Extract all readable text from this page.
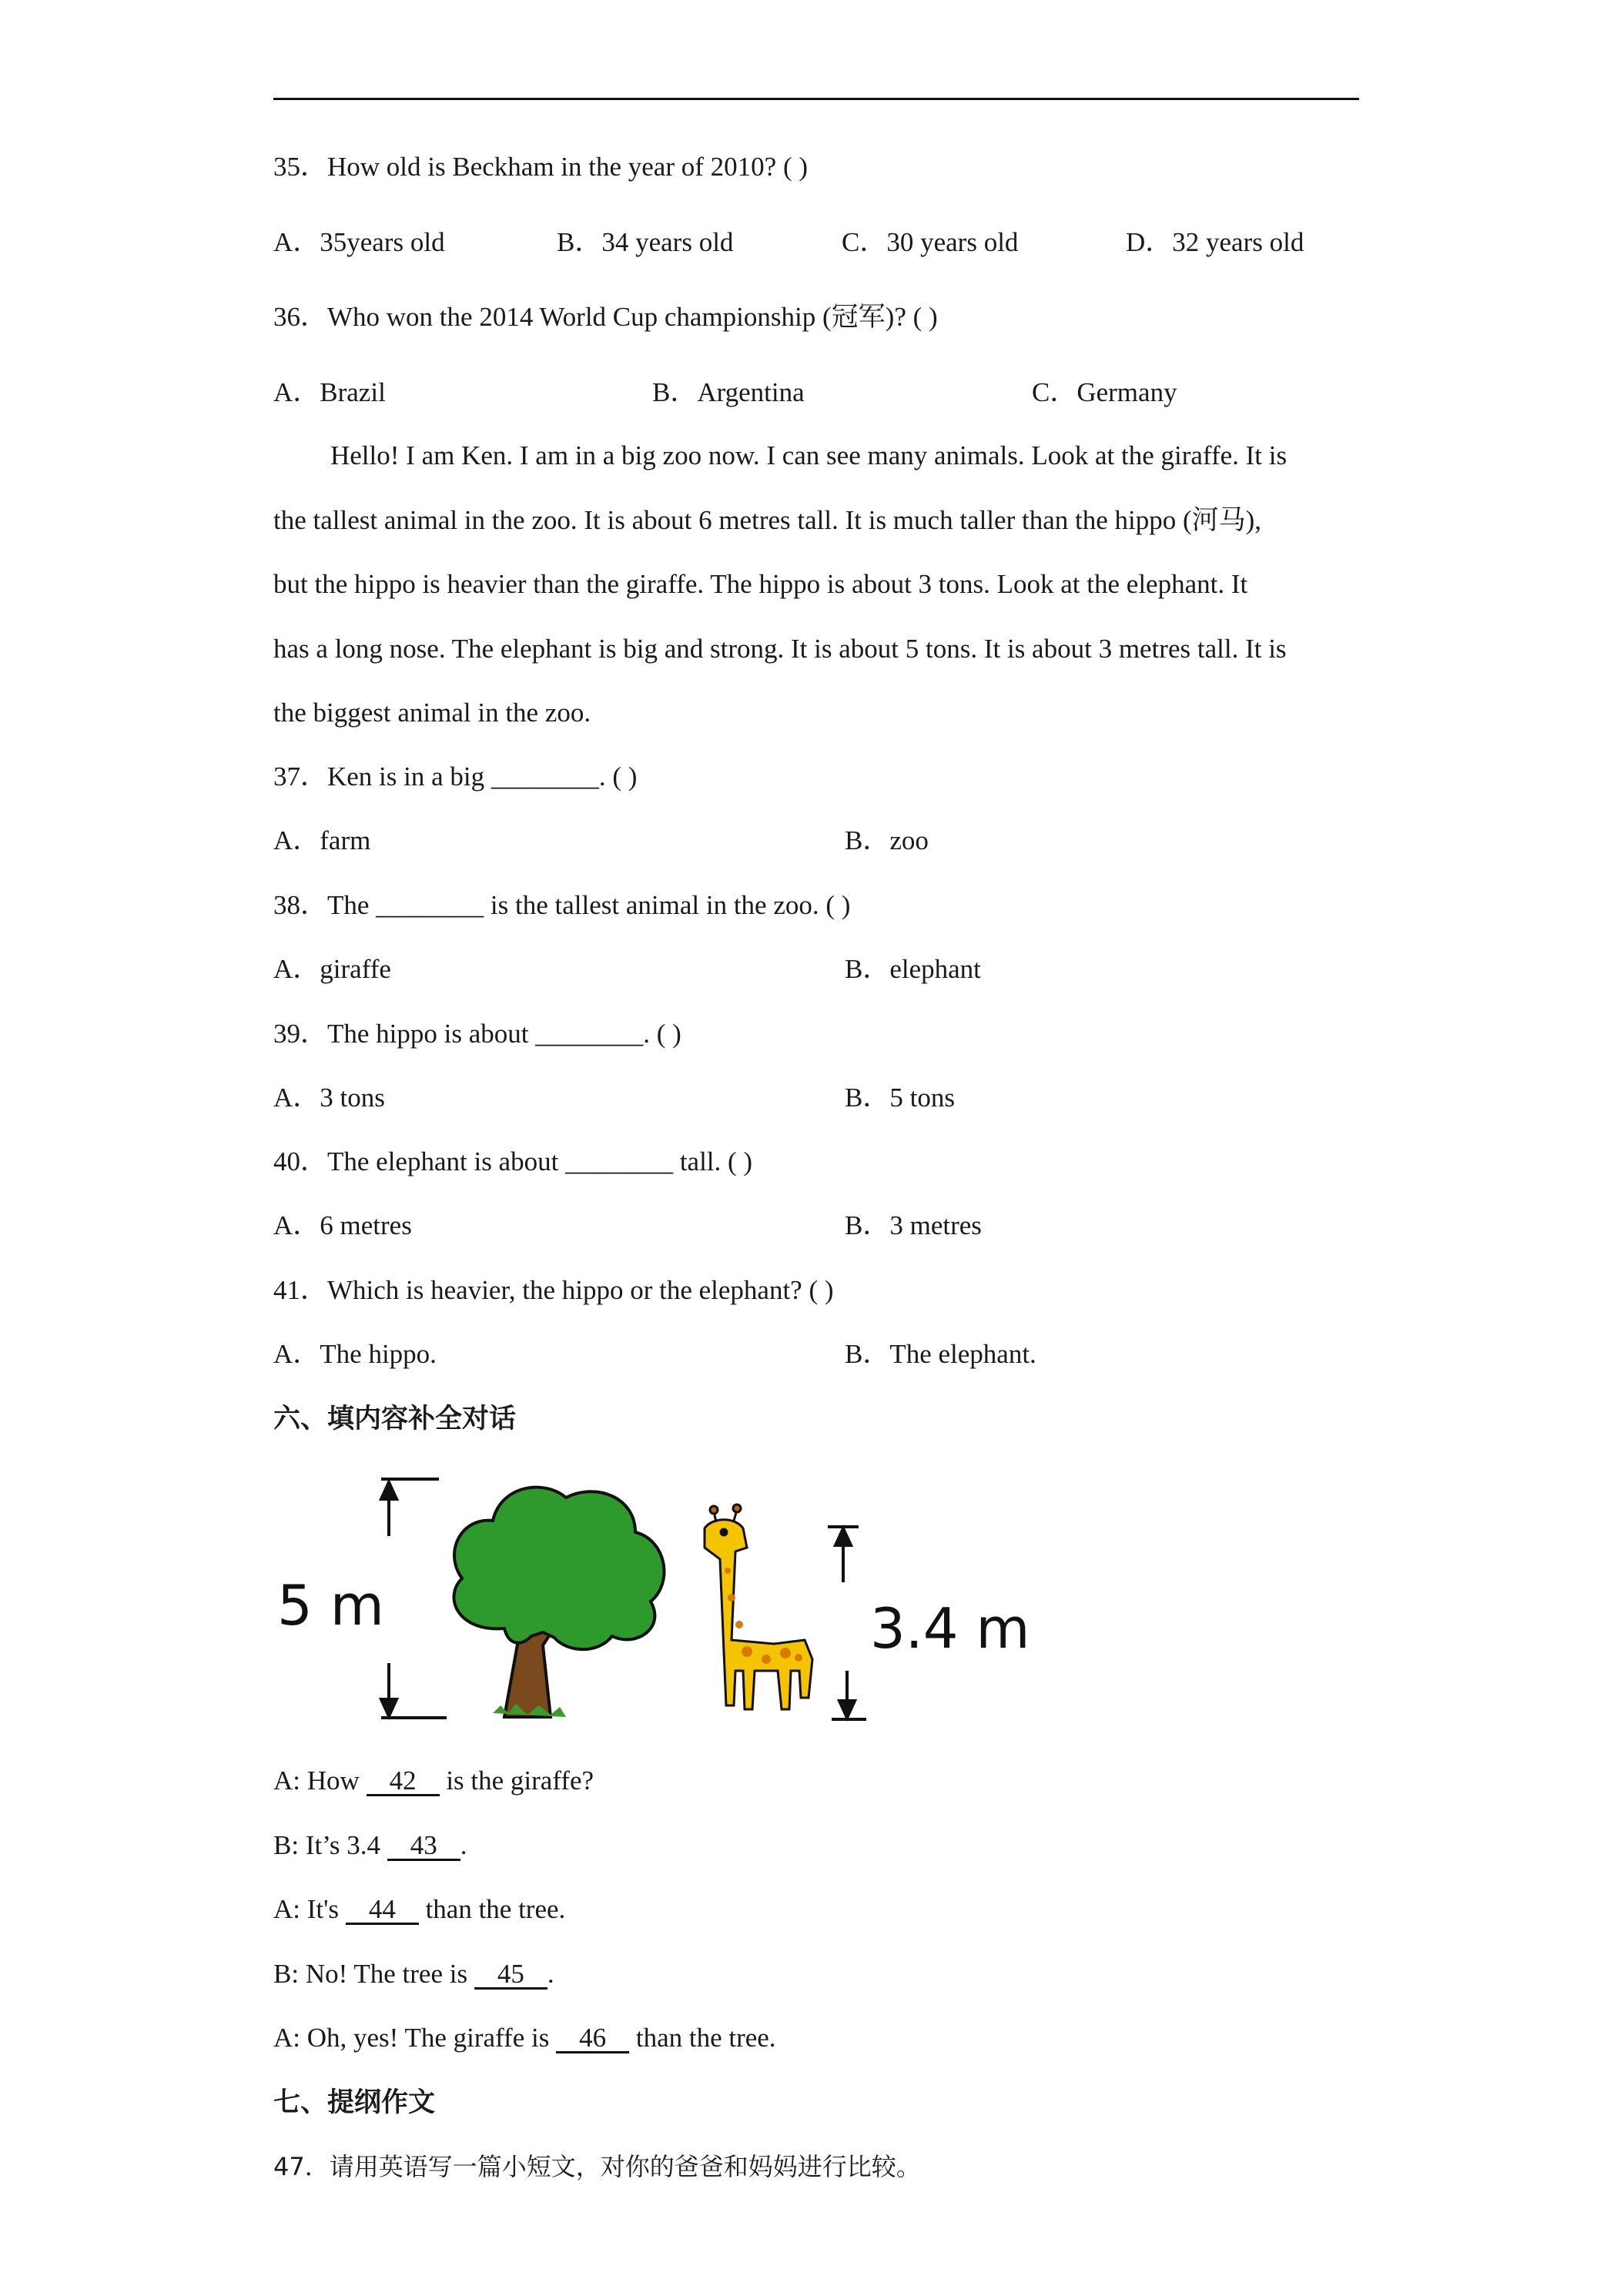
35．How old is Beckham in the year of 2010? ( )
A．35years old	B．34 years old	C．30 years old	D．32 years old
36．Who won the 2014 World Cup championship (冠军)? ( )
A．Brazil	B．Argentina	C．Germany
Hello! I am Ken. I am in a big zoo now. I can see many animals. Look at the giraffe. It is
the tallest animal in the zoo. It is about 6 metres tall. It is much taller than the hippo (河马),
but the hippo is heavier than the giraffe. The hippo is about 3 tons. Look at the elephant. It
has a long nose. The elephant is big and strong. It is about 5 tons. It is about 3 metres tall. It is
the biggest animal in the zoo.
37．Ken is in a big ________. ( )
A．farm	B．zoo
38．The ________ is the tallest animal in the zoo. ( )
A．giraffe	B．elephant
39．The hippo is about ________. ( )
A．3 tons	B．5 tons
40．The elephant is about ________ tall. ( )
A．6 metres	B．3 metres
41．Which is heavier, the hippo or the elephant? ( )
A．The hippo.	B．The elephant.
六、填内容补全对话
5 m	3.4 m
A: How 42 is the giraffe?
B: It’s 3.4 43 .
A: It's 44 than the tree.
B: No! The tree is 45 .
A: Oh, yes! The giraffe is 46 than the tree.
七、提纲作文
47．请用英语写一篇小短文，对你的爸爸和妈妈进行比较。
